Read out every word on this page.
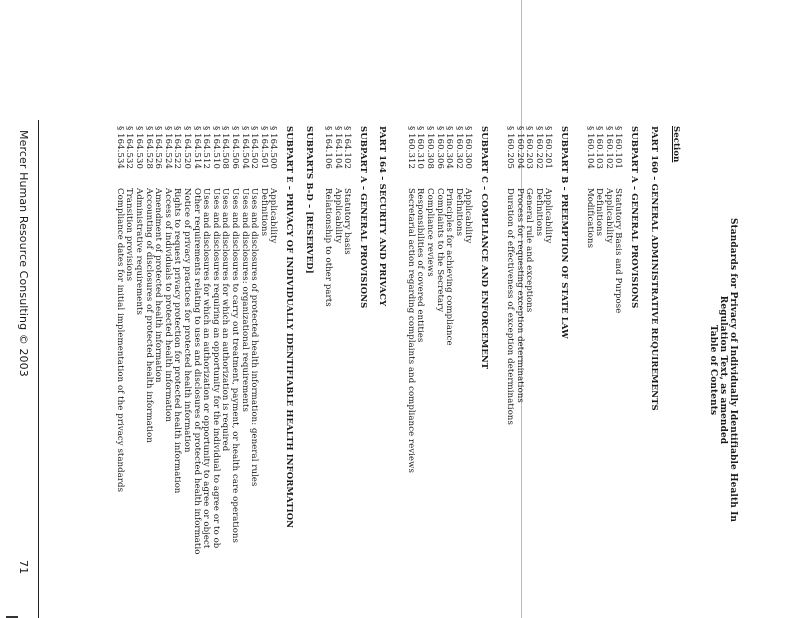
Standards for Privacy of Individually Identifiable Health In
Regulation Text, as amended
Table of Contents
Section
PART 160 – GENERAL ADMINISTRATIVE REQUIREMENTS
SUBPART A – GENERAL PROVISIONS
§ 160.101
Statutory Basis and Purpose
§ 160.102
Applicability
§ 160.103
Definitions
§ 160.104
Modifications
SUBPART B – PREEMPTION OF STATE LAW
§ 160.201
Applicability
§ 160.202
Definitions
§ 160.203
General rule and exceptions
§ 160.204
Process for requesting exception determinations
§ 160.205
Duration of effectiveness of exception determinations
SUBPART C – COMPLIANCE AND ENFORCEMENT
§ 160.300
Applicability
§ 160.302
Definitions
§ 160.304
Principles for achieving compliance
§ 160.306
Complaints to the Secretary
§ 160.308
Compliance reviews
§ 160.310
Responsibilities of covered entities
§ 160.312
Secretarial action regarding complaints and compliance reviews
PART 164 – SECURITY AND PRIVACY
SUBPART A – GENERAL PROVISIONS
§ 164.102
Statutory basis
§ 164.104
Applicability
§ 164.106
Relationship to other parts
SUBPARTS B-D – [RESERVED]
SUBPART E – PRIVACY OF INDIVIDUALLY IDENTIFIABLE HEALTH INFORMATION
§ 164.500
Applicability
§ 164.501
Definitions
§ 164.502
Uses and disclosures of protected health information: general rules
§ 164.504
Uses and disclosures: organizational requirements
§ 164.506
Uses and disclosures to carry out treatment, payment, or health care operations
§ 164.508
Uses and disclosures for which an authorization is required
§ 164.510
Uses and disclosures requiring an opportunity for the individual to agree or to ob
§ 164.512
Uses and disclosures for which an authorization or opportunity to agree or object
§ 164.514
Other requirements relating to uses and disclosures of protected health informatio
§ 164.520
Notice of privacy practices for protected health information
§ 164.522
Rights to request privacy protection for protected health information
§ 164.524
Access of individuals to protected health information
§ 164.526
Amendment of protected health information
§ 164.528
Accounting of disclosures of protected health information
§ 164.530
Administrative requirements
§ 164.532
Transition provisions
§ 164.534
Compliance dates for initial implementation of the privacy standards
Mercer Human Resource Consulting © 2003
71
